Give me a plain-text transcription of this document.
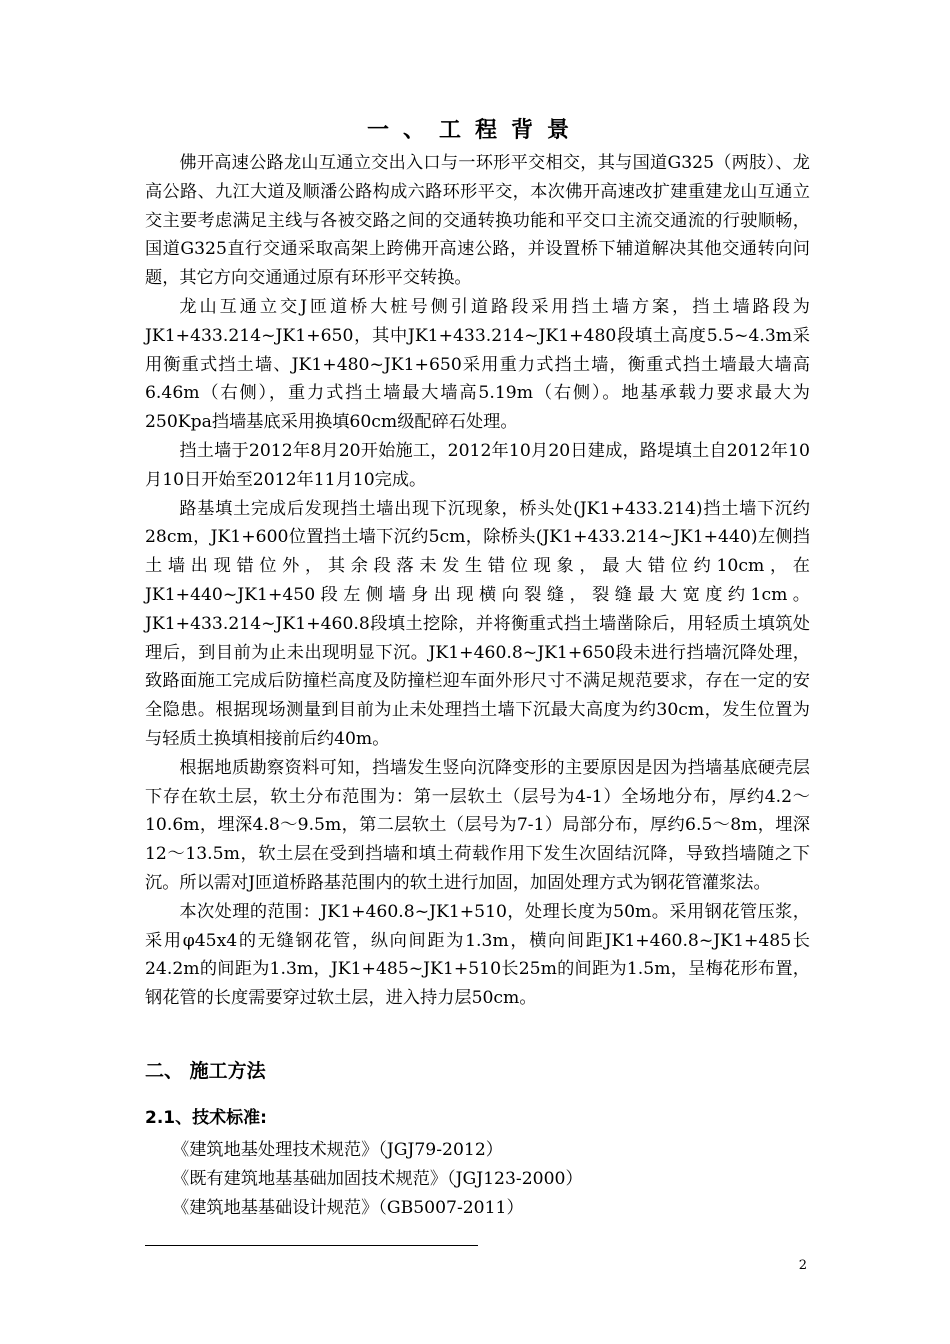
一、工程背景

佛开高速公路龙山互通立交出入口与一环形平交相交，其与国道G325（两肢）、龙高公路、九江大道及顺潘公路构成六路环形平交，本次佛开高速改扩建重建龙山互通立交主要考虑满足主线与各被交路之间的交通转换功能和平交口主流交通流的行驶顺畅，国道G325直行交通采取高架上跨佛开高速公路，并设置桥下辅道解决其他交通转向问题，其它方向交通通过原有环形平交转换。

龙山互通立交J匝道桥大桩号侧引道路段采用挡土墙方案，挡土墙路段为JK1+433.214~JK1+650，其中JK1+433.214~JK1+480段填土高度5.5~4.3m采用衡重式挡土墙、JK1+480~JK1+650采用重力式挡土墙，衡重式挡土墙最大墙高6.46m（右侧），重力式挡土墙最大墙高5.19m（右侧）。地基承载力要求最大为250Kpa挡墙基底采用换填60cm级配碎石处理。

挡土墙于2012年8月20开始施工，2012年10月20日建成，路堤填土自2012年10月10日开始至2012年11月10完成。

路基填土完成后发现挡土墙出现下沉现象，桥头处(JK1+433.214)挡土墙下沉约28cm，JK1+600位置挡土墙下沉约5cm，除桥头(JK1+433.214~JK1+440)左侧挡土墙出现错位外，其余段落未发生错位现象，最大错位约10cm，在JK1+440~JK1+450段左侧墙身出现横向裂缝，裂缝最大宽度约1cm。JK1+433.214~JK1+460.8段填土挖除，并将衡重式挡土墙凿除后，用轻质土填筑处理后，到目前为止未出现明显下沉。JK1+460.8~JK1+650段未进行挡墙沉降处理，致路面施工完成后防撞栏高度及防撞栏迎车面外形尺寸不满足规范要求，存在一定的安全隐患。根据现场测量到目前为止未处理挡土墙下沉最大高度为约30cm，发生位置为与轻质土换填相接前后约40m。

根据地质勘察资料可知，挡墙发生竖向沉降变形的主要原因是因为挡墙基底硬壳层下存在软土层，软土分布范围为：第一层软土（层号为4-1）全场地分布，厚约4.2～10.6m，埋深4.8～9.5m，第二层软土（层号为7-1）局部分布，厚约6.5～8m，埋深12～13.5m，软土层在受到挡墙和填土荷载作用下发生次固结沉降，导致挡墙随之下沉。所以需对J匝道桥路基范围内的软土进行加固，加固处理方式为钢花管灌浆法。

本次处理的范围：JK1+460.8~JK1+510，处理长度为50m。采用钢花管压浆，采用φ45x4的无缝钢花管，纵向间距为1.3m，横向间距JK1+460.8~JK1+485长24.2m的间距为1.3m，JK1+485~JK1+510长25m的间距为1.5m，呈梅花形布置，钢花管的长度需要穿过软土层，进入持力层50cm。

二、 施工方法
2.1、技术标准:
《建筑地基处理技术规范》（JGJ79-2012）
《既有建筑地基基础加固技术规范》（JGJ123-2000）
《建筑地基基础设计规范》（GB5007-2011）
2
